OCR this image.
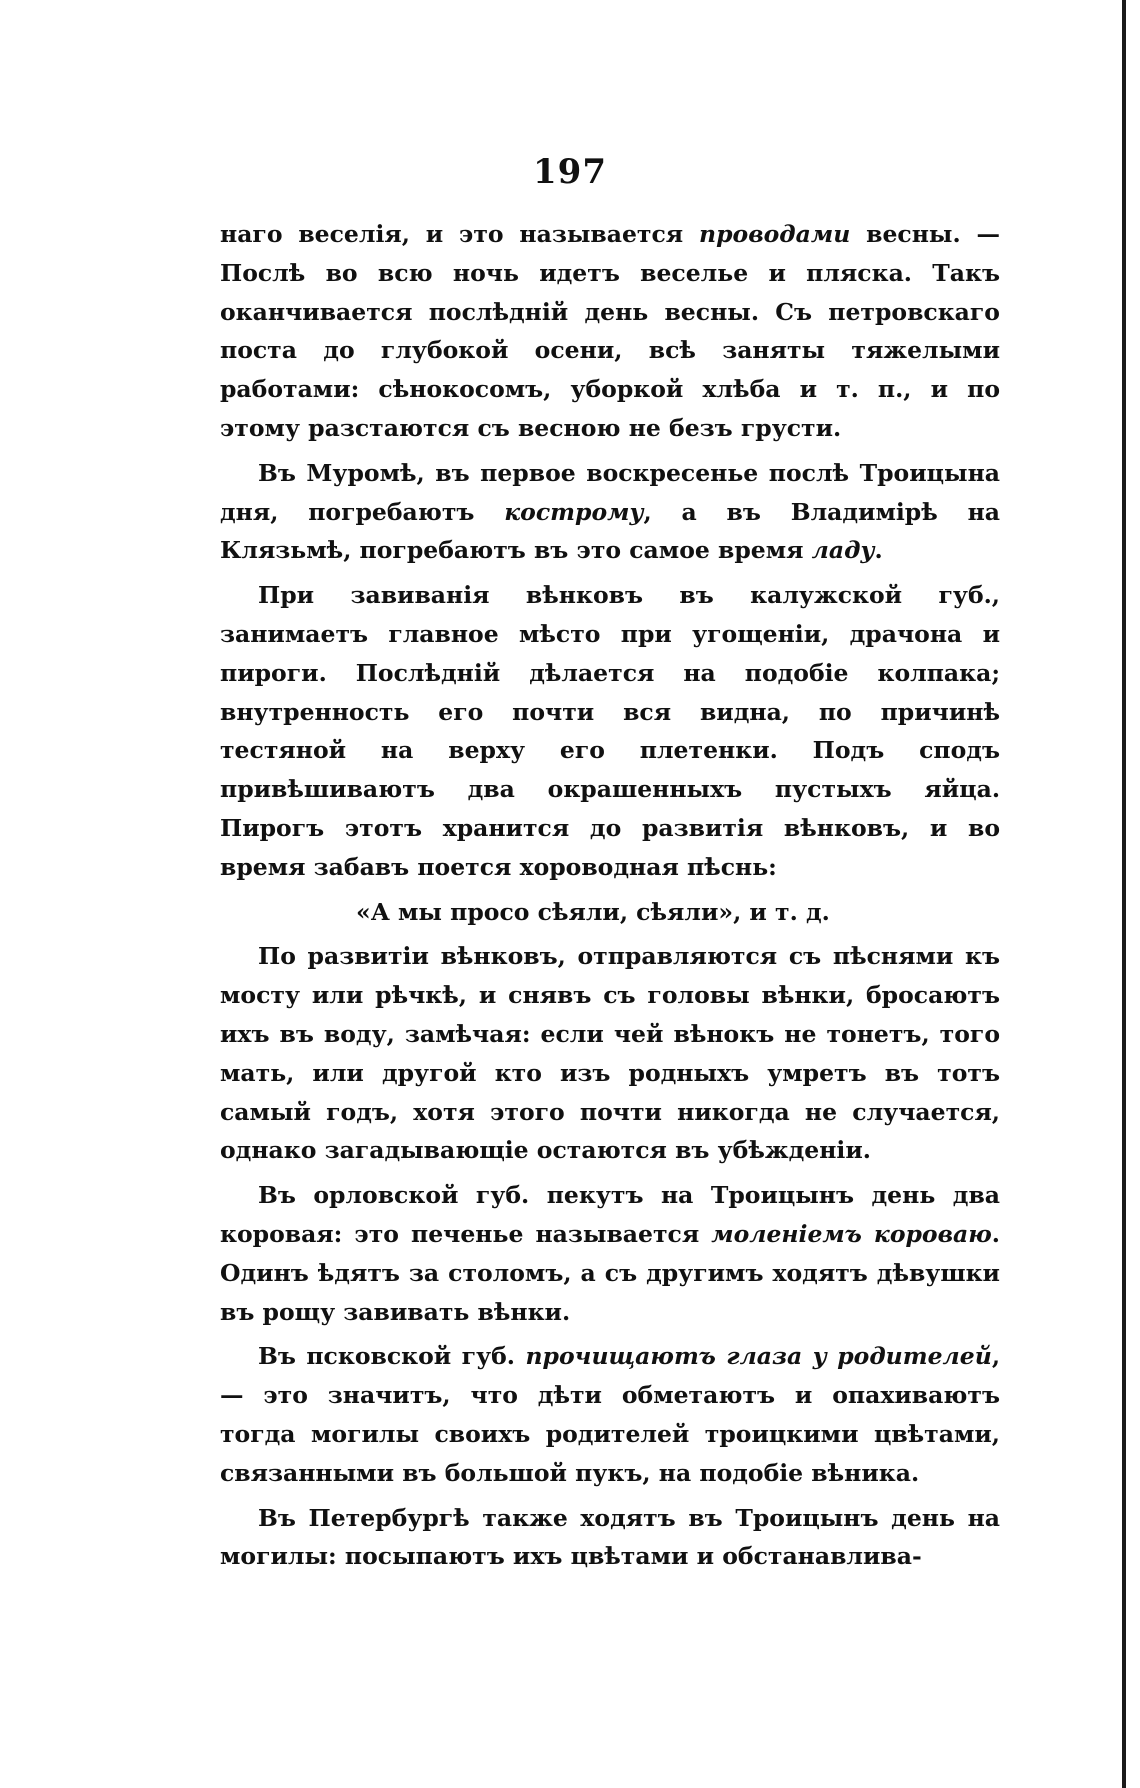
197

наго веселія, и это называется проводами весны. — Послѣ во всю ночь идетъ веселье и пляска. Такъ оканчивается послѣдній день весны. Съ петровскаго поста до глубокой осени, всѣ заняты тяжелыми работами: сѣнокосомъ, уборкой хлѣба и т. п., и по этому разстаются съ весною не безъ грусти.

Въ Муромѣ, въ первое воскресенье послѣ Троицына дня, погребаютъ кострому, а въ Владимірѣ на Клязьмѣ, погребаютъ въ это самое время ладу.

При завиванія вѣнковъ въ калужской губ., занимаетъ главное мѣсто при угощеніи, драчона и пироги. Послѣдній дѣлается на подобіе колпака; внутренность его почти вся видна, по причинѣ тестяной на верху его плетенки. Подъ сподъ привѣшиваютъ два окрашенныхъ пустыхъ яйца. Пирогъ этотъ хранится до развитія вѣнковъ, и во время забавъ поется хороводная пѣснь:

«А мы просо сѣяли, сѣяли», и т. д.

По развитіи вѣнковъ, отправляются съ пѣснями къ мосту или рѣчкѣ, и снявъ съ головы вѣнки, бросаютъ ихъ въ воду, замѣчая: если чей вѣнокъ не тонетъ, того мать, или другой кто изъ родныхъ умретъ въ тотъ самый годъ, хотя этого почти никогда не случается, однако загадывающіе остаются въ убѣжденіи.

Въ орловской губ. пекутъ на Троицынъ день два коровая: это печенье называется моленіемъ короваю. Одинъ ѣдятъ за столомъ, а съ другимъ ходятъ дѣвушки въ рощу завивать вѣнки.

Въ псковской губ. прочищаютъ глаза у родителей,— это значитъ, что дѣти обметаютъ и опахиваютъ тогда могилы своихъ родителей троицкими цвѣтами, связанными въ большой пукъ, на подобіе вѣника.

Въ Петербургѣ также ходятъ въ Троицынъ день на могилы: посыпаютъ ихъ цвѣтами и обстанавлива-
